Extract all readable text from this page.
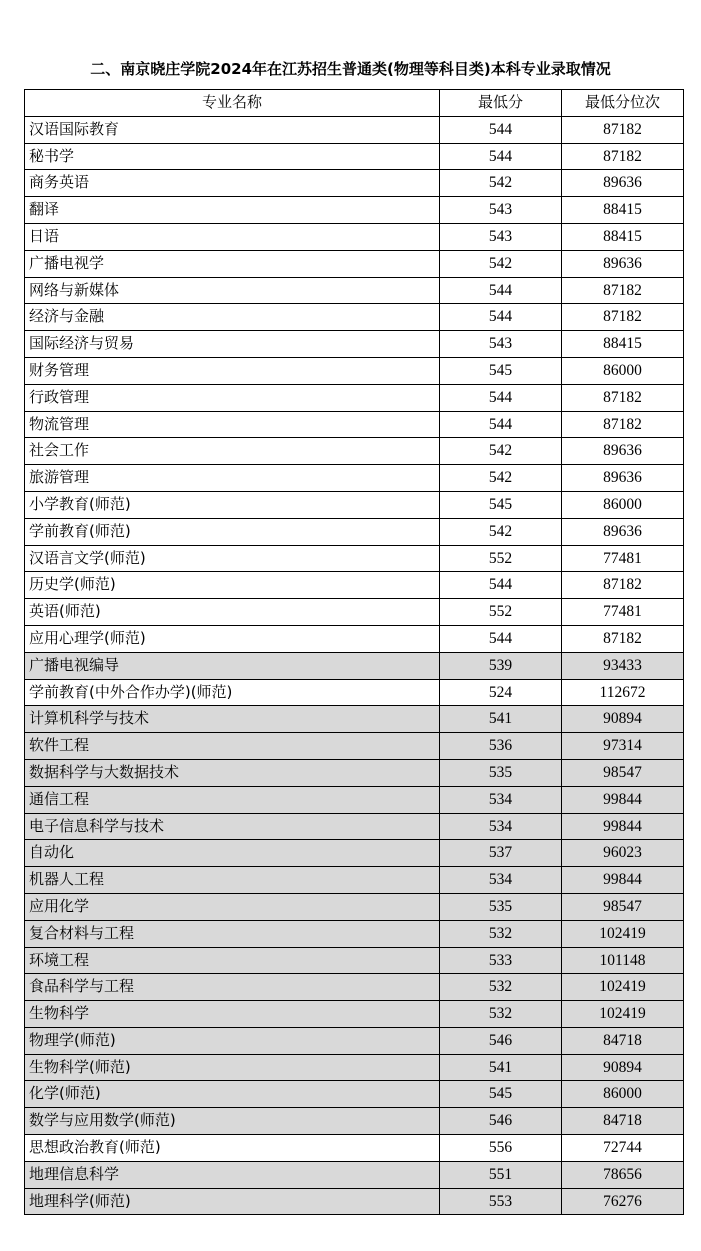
二、南京晓庄学院2024年在江苏招生普通类(物理等科目类)本科专业录取情况
专业名称	最低分	最低分位次
汉语国际教育	544	87182
秘书学	544	87182
商务英语	542	89636
翻译	543	88415
日语	543	88415
广播电视学	542	89636
网络与新媒体	544	87182
经济与金融	544	87182
国际经济与贸易	543	88415
财务管理	545	86000
行政管理	544	87182
物流管理	544	87182
社会工作	542	89636
旅游管理	542	89636
小学教育(师范)	545	86000
学前教育(师范)	542	89636
汉语言文学(师范)	552	77481
历史学(师范)	544	87182
英语(师范)	552	77481
应用心理学(师范)	544	87182
广播电视编导	539	93433
学前教育(中外合作办学)(师范)	524	112672
计算机科学与技术	541	90894
软件工程	536	97314
数据科学与大数据技术	535	98547
通信工程	534	99844
电子信息科学与技术	534	99844
自动化	537	96023
机器人工程	534	99844
应用化学	535	98547
复合材料与工程	532	102419
环境工程	533	101148
食品科学与工程	532	102419
生物科学	532	102419
物理学(师范)	546	84718
生物科学(师范)	541	90894
化学(师范)	545	86000
数学与应用数学(师范)	546	84718
思想政治教育(师范)	556	72744
地理信息科学	551	78656
地理科学(师范)	553	76276
